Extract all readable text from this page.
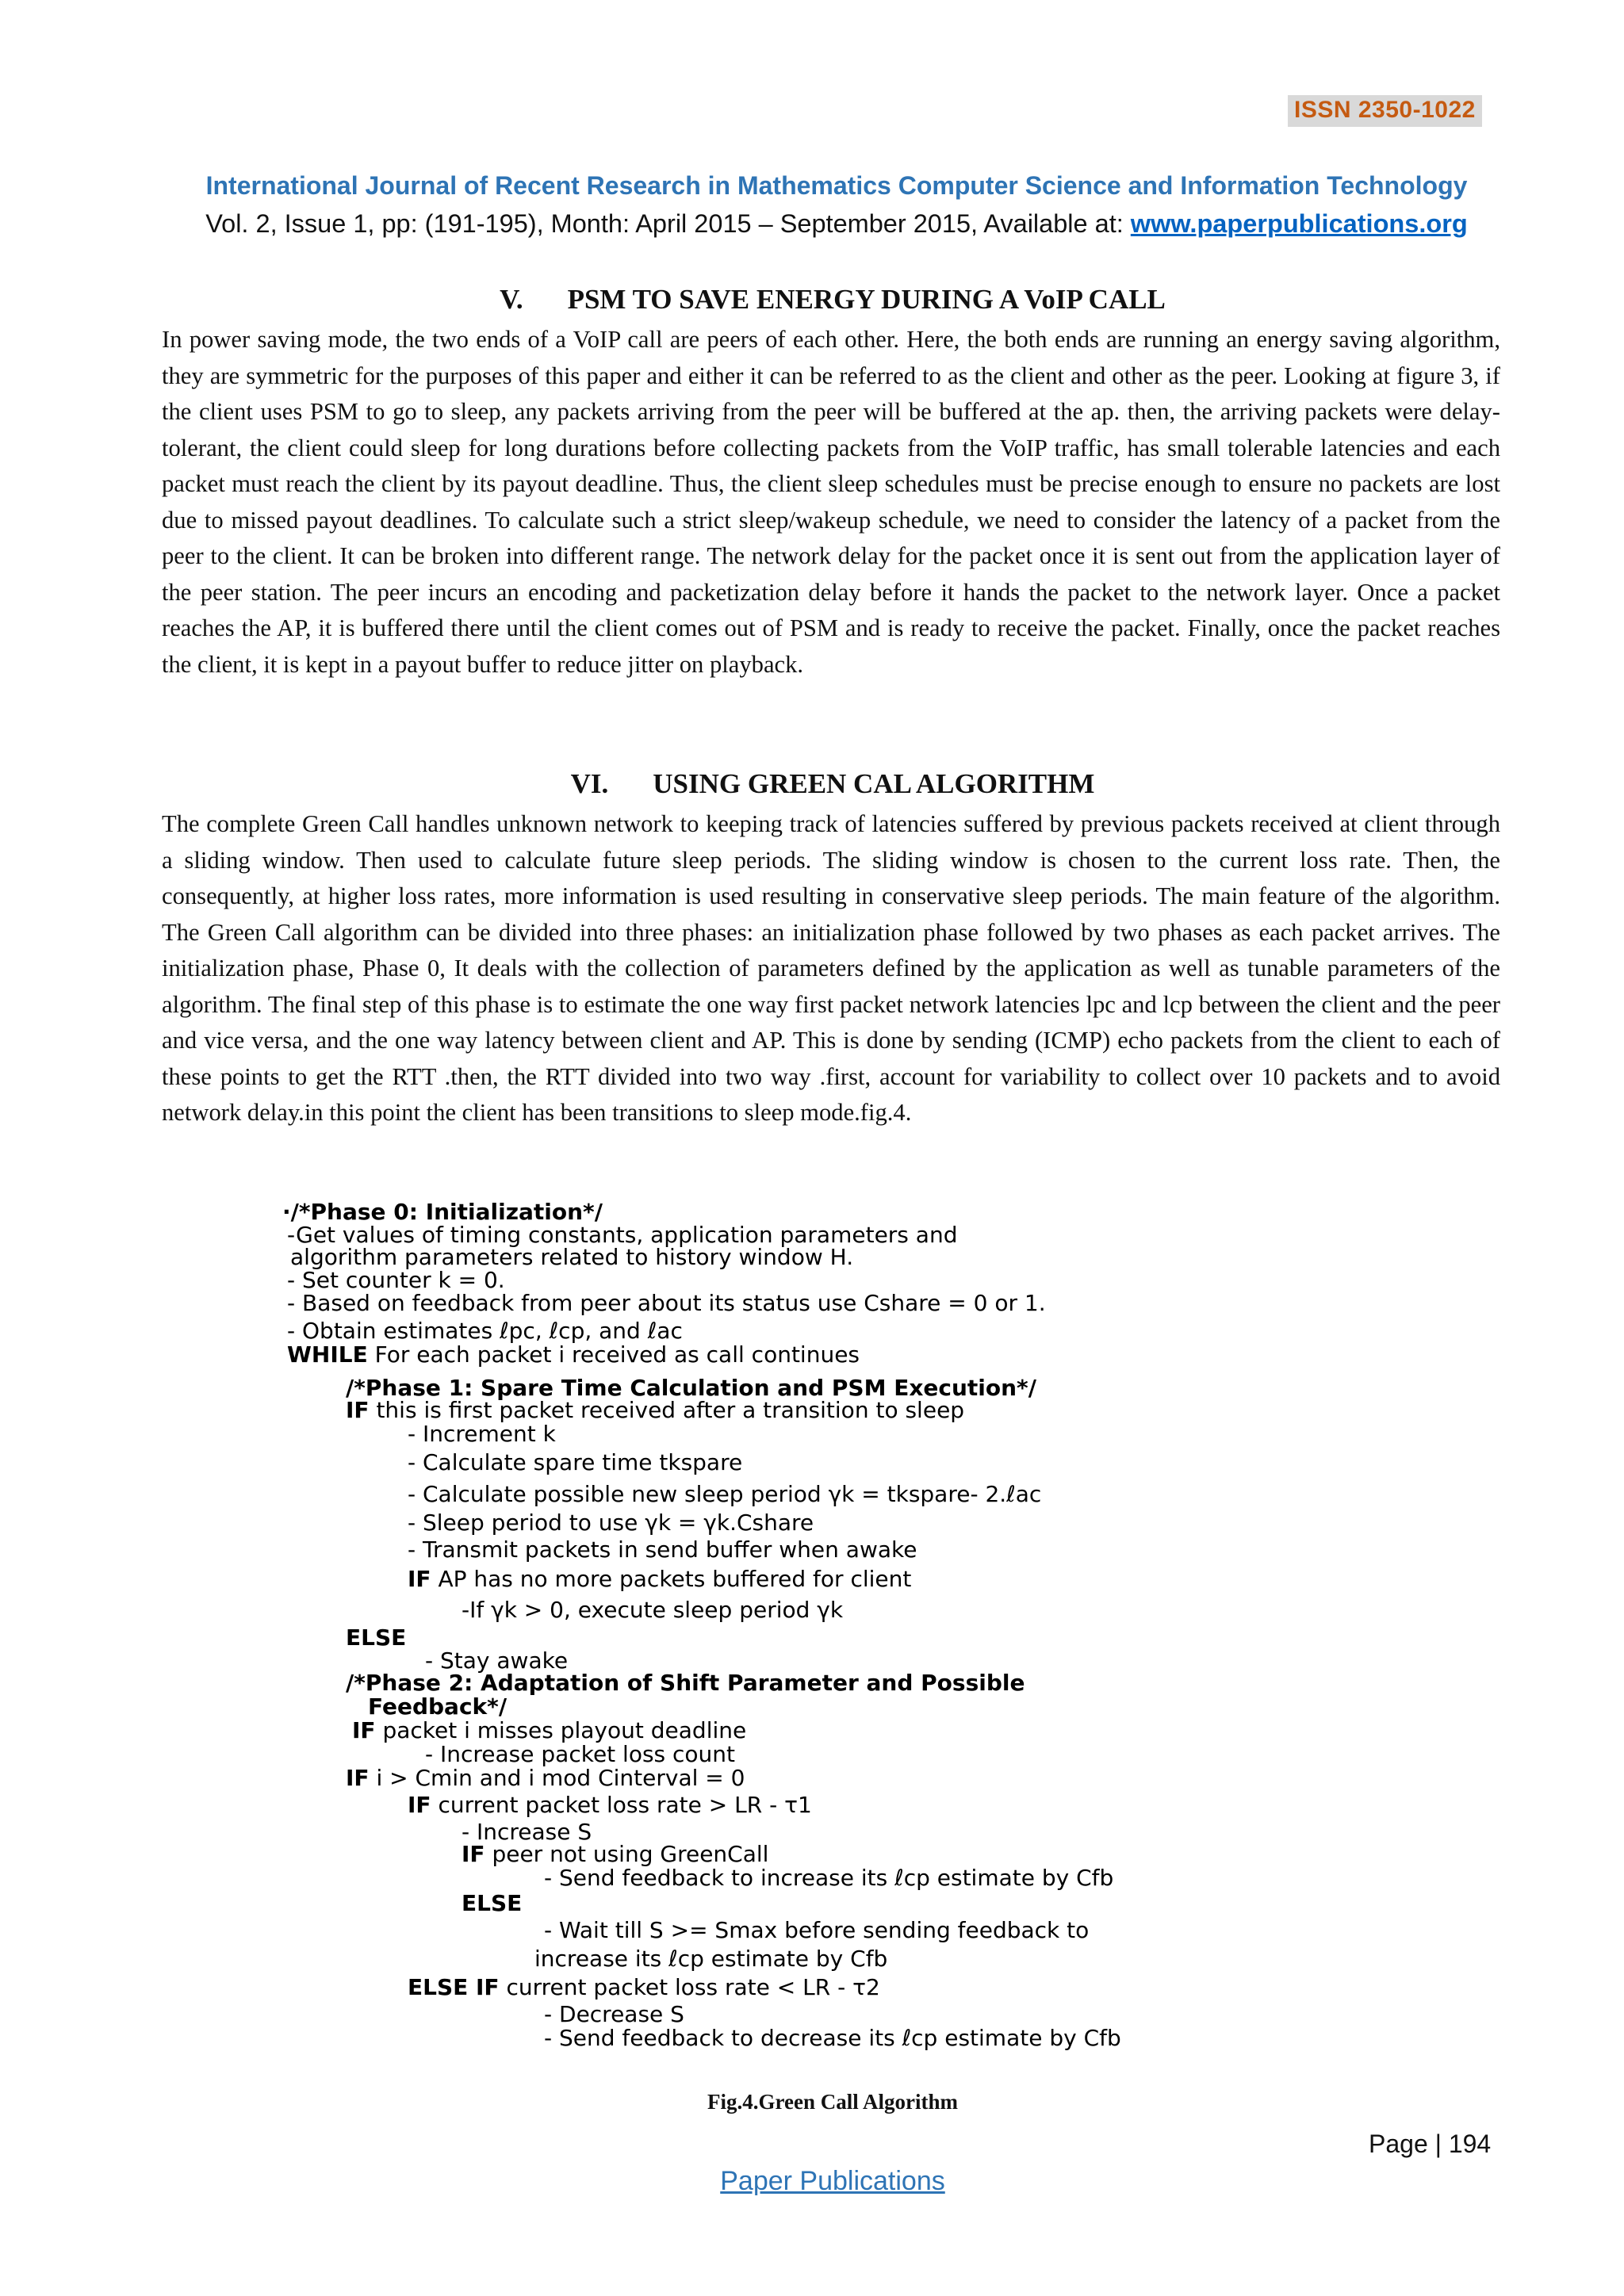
ISSN 2350-1022
International Journal of Recent Research in Mathematics Computer Science and Information Technology
Vol. 2, Issue 1, pp: (191-195), Month: April 2015 – September 2015, Available at: www.paperpublications.org
V. PSM TO SAVE ENERGY DURING A VoIP CALL

In power saving mode, the two ends of a VoIP call are peers of each other. Here, the both ends are running an energy saving algorithm, they are symmetric for the purposes of this paper and either it can be referred to as the client and other as the peer. Looking at figure 3, if the client uses PSM to go to sleep, any packets arriving from the peer will be buffered at the ap. then, the arriving packets were delay-tolerant, the client could sleep for long durations before collecting packets from the VoIP traffic, has small tolerable latencies and each packet must reach the client by its payout deadline. Thus, the client sleep schedules must be precise enough to ensure no packets are lost due to missed payout deadlines. To calculate such a strict sleep/wakeup schedule, we need to consider the latency of a packet from the peer to the client. It can be broken into different range. The network delay for the packet once it is sent out from the application layer of the peer station. The peer incurs an encoding and packetization delay before it hands the packet to the network layer. Once a packet reaches the AP, it is buffered there until the client comes out of PSM and is ready to receive the packet. Finally, once the packet reaches the client, it is kept in a payout buffer to reduce jitter on playback.

VI. USING GREEN CAL ALGORITHM

The complete Green Call handles unknown network to keeping track of latencies suffered by previous packets received at client through a sliding window. Then used to calculate future sleep periods. The sliding window is chosen to the current loss rate. Then, the consequently, at higher loss rates, more information is used resulting in conservative sleep periods. The main feature of the algorithm. The Green Call algorithm can be divided into three phases: an initialization phase followed by two phases as each packet arrives. The initialization phase, Phase 0, It deals with the collection of parameters defined by the application as well as tunable parameters of the algorithm. The final step of this phase is to estimate the one way first packet network latencies lpc and lcp between the client and the peer and vice versa, and the one way latency between client and AP. This is done by sending (ICMP) echo packets from the client to each of these points to get the RTT .then, the RTT divided into two way .first, account for variability to collect over 10 packets and to avoid network delay.in this point the client has been transitions to sleep mode.fig.4.

·/*Phase 0: Initialization*/
-Get values of timing constants, application parameters and
algorithm parameters related to history window H.
- Set counter k = 0.
- Based on feedback from peer about its status use Cshare = 0 or 1.
- Obtain estimates ℓpc, ℓcp, and ℓac
WHILE For each packet i received as call continues
/*Phase 1: Spare Time Calculation and PSM Execution*/
IF this is first packet received after a transition to sleep
- Increment k
- Calculate spare time tkspare
- Calculate possible new sleep period γk = tkspare- 2.ℓac
- Sleep period to use γk = γk.Cshare
- Transmit packets in send buffer when awake
IF AP has no more packets buffered for client
-If γk > 0, execute sleep period γk
ELSE
- Stay awake
/*Phase 2: Adaptation of Shift Parameter and Possible
Feedback*/
IF packet i misses playout deadline
- Increase packet loss count
IF i > Cmin and i mod Cinterval = 0
IF current packet loss rate > LR - τ1
- Increase S
IF peer not using GreenCall
- Send feedback to increase its ℓcp estimate by Cfb
ELSE
- Wait till S >= Smax before sending feedback to
increase its ℓcp estimate by Cfb
ELSE IF current packet loss rate < LR - τ2
- Decrease S
- Send feedback to decrease its ℓcp estimate by Cfb
Fig.4.Green Call Algorithm
Page | 194
Paper Publications
